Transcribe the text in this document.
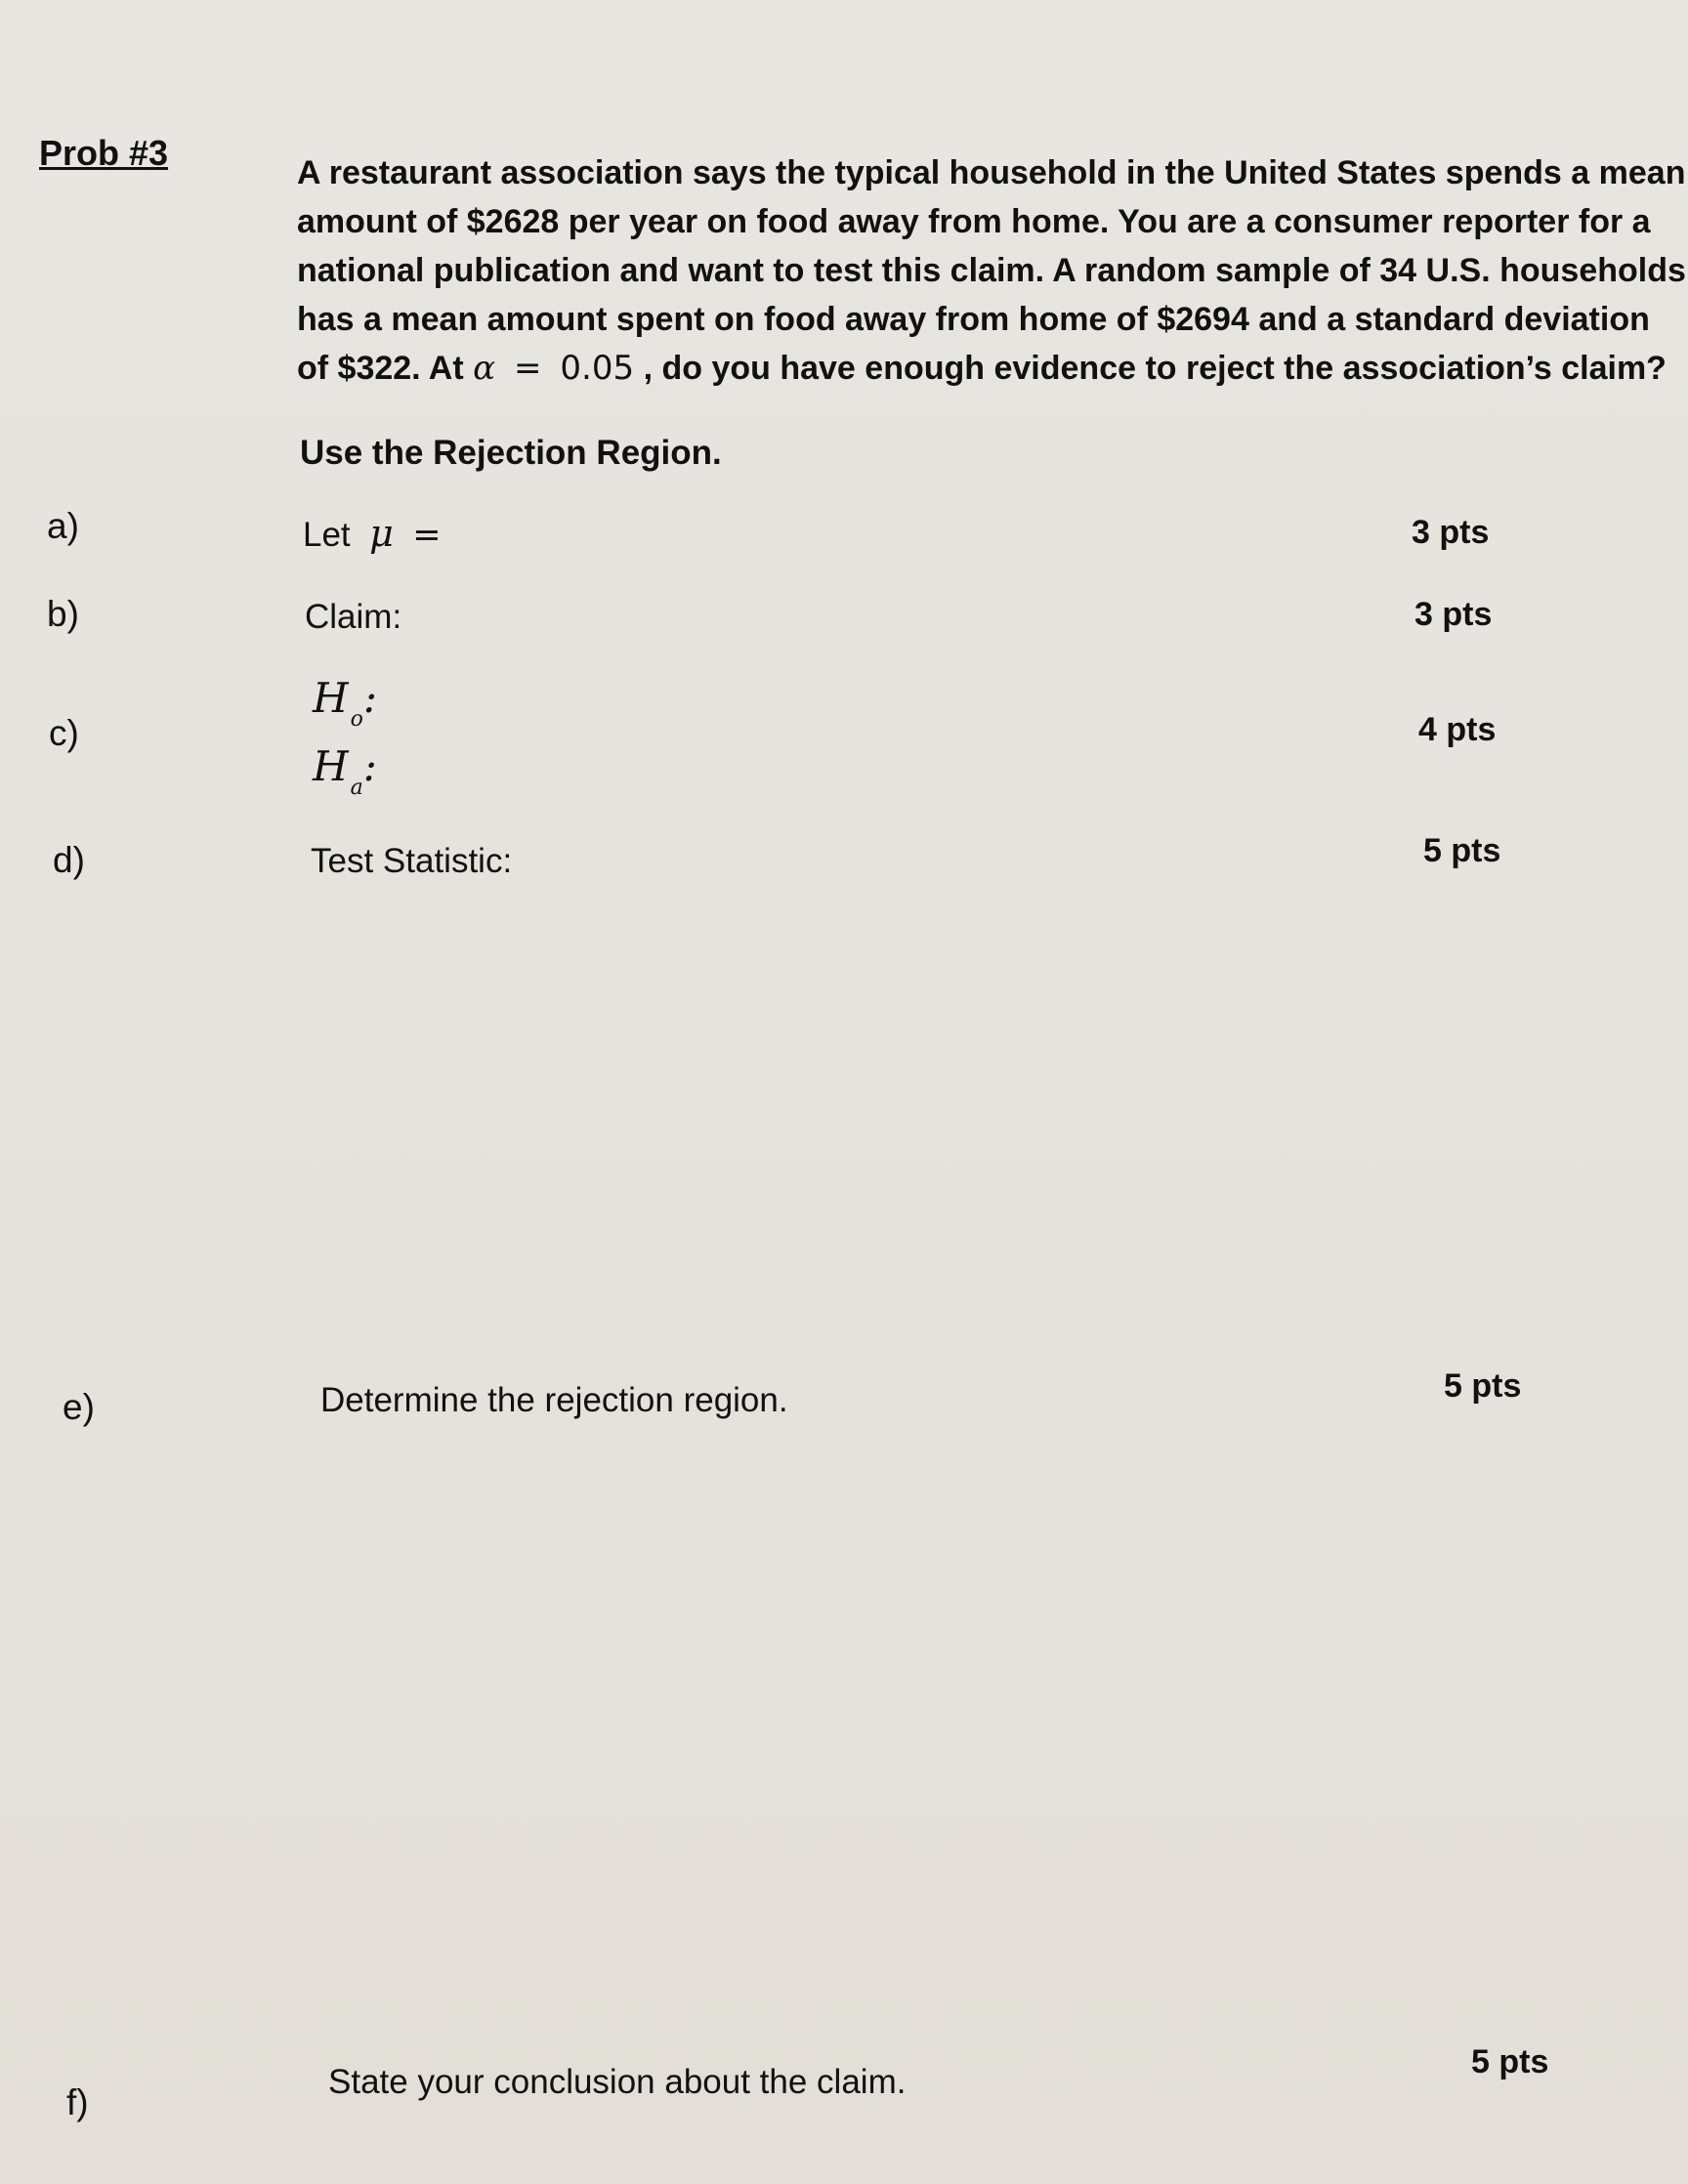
Prob #3	A restaurant association says the typical household in the United States spends a mean

amount of $2628 per year on food away from home. You are a consumer reporter for a

national publication and want to test this claim. A random sample of 34 U.S. households

has a mean amount spent on food away from home of $2694 and a standard deviation

of $322. At α = 0.05 , do you have enough evidence to reject the association’s claim?

Use the Rejection Region.
a)	Let μ =	3 pts
b)	Claim:	3 pts
c)
$H_o$:
$H_a$:
4 pts
d)	Test Statistic:	5 pts
e)	Determine the rejection region.	5 pts
f)
State your conclusion about the claim.
5 pts
